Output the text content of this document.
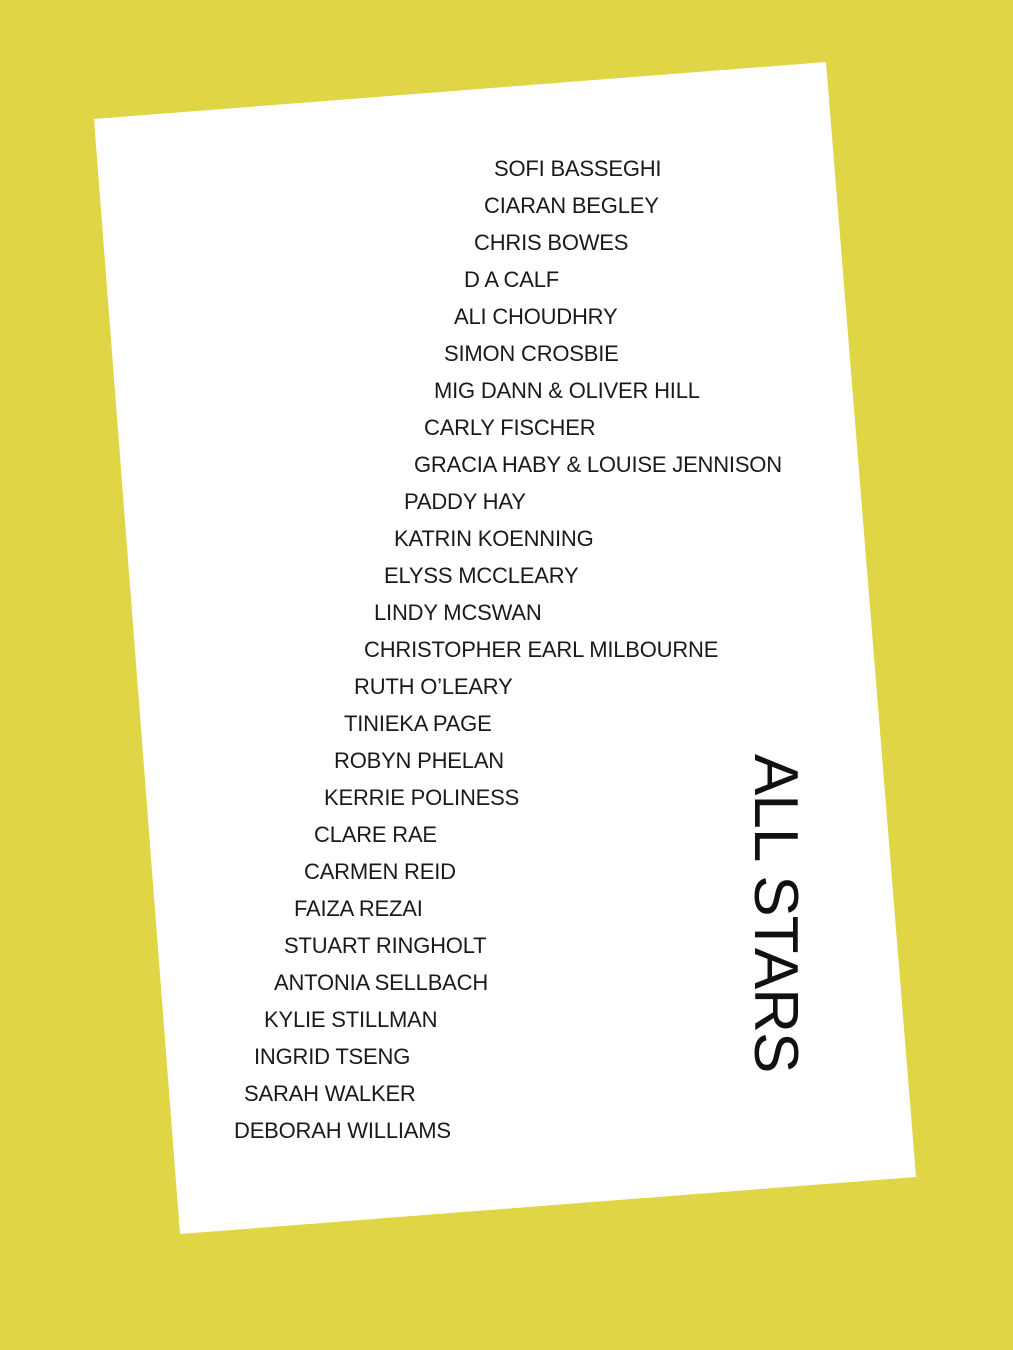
SOFI BASSEGHI
CIARAN BEGLEY
CHRIS BOWES
D A CALF
ALI CHOUDHRY
SIMON CROSBIE
MIG DANN & OLIVER HILL
CARLY FISCHER
GRACIA HABY & LOUISE JENNISON
PADDY HAY
KATRIN KOENNING
ELYSS MCCLEARY
LINDY MCSWAN
CHRISTOPHER EARL MILBOURNE
RUTH O’LEARY
TINIEKA PAGE
ROBYN PHELAN
KERRIE POLINESS
CLARE RAE
CARMEN REID
FAIZA REZAI
STUART RINGHOLT
ANTONIA SELLBACH
KYLIE STILLMAN
INGRID TSENG
SARAH WALKER
DEBORAH WILLIAMS
ALL STARS
